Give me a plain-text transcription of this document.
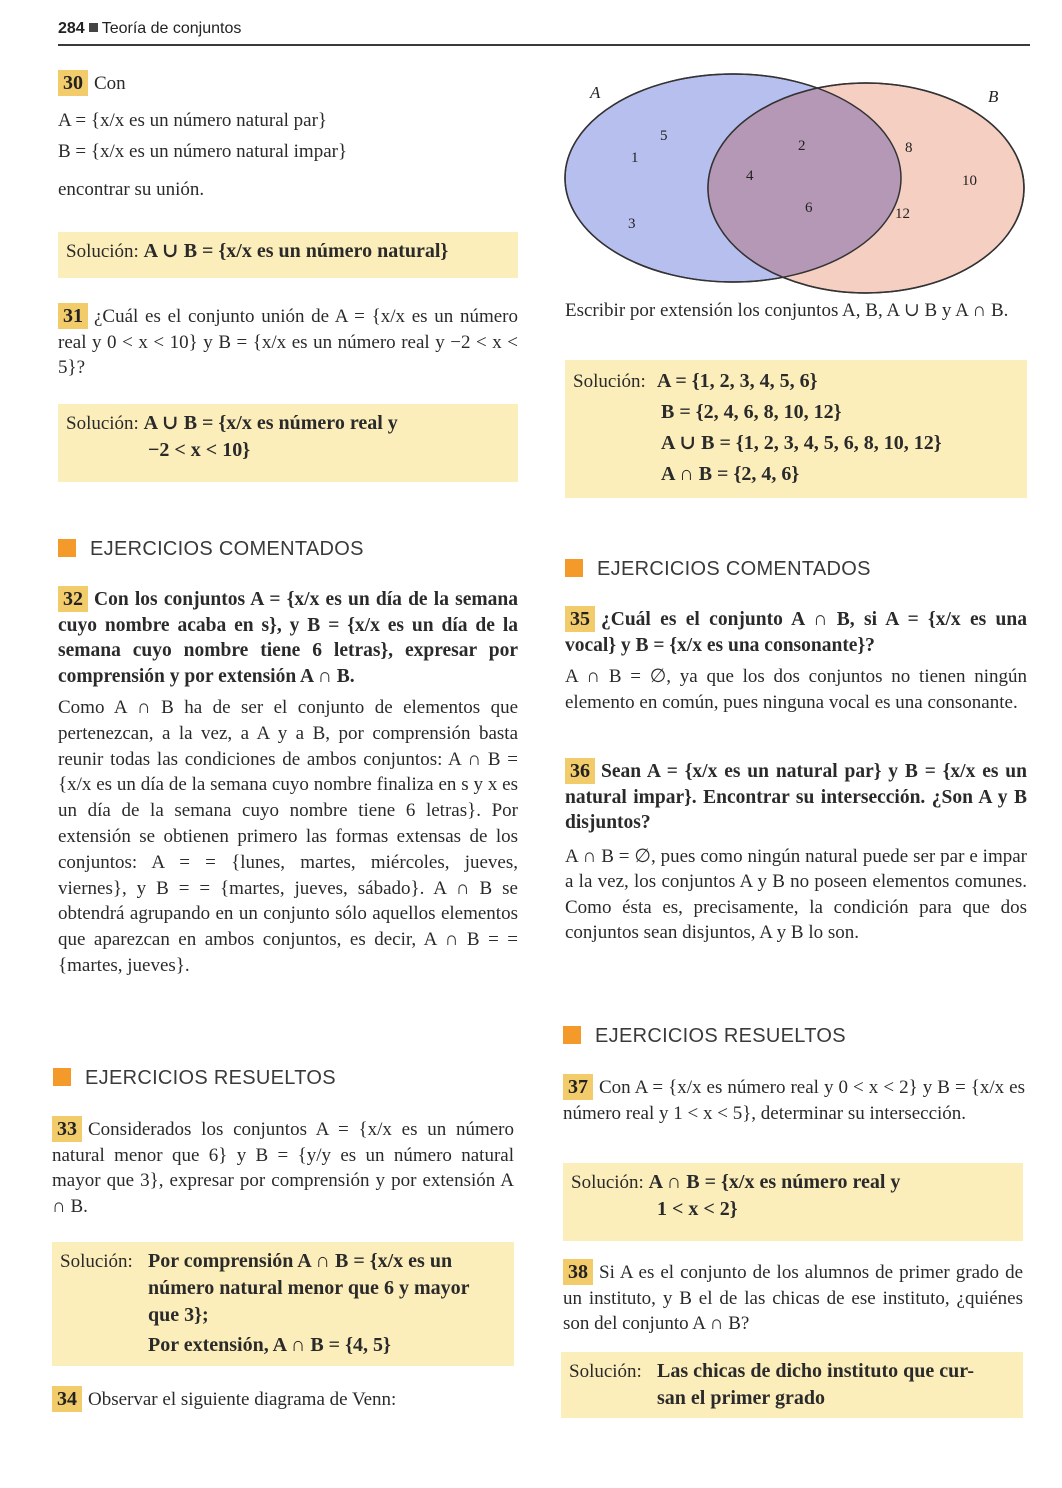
284 Teoría de conjuntos

30 Con

A = {x/x es un número natural par}

B = {x/x es un número natural impar}

encontrar su unión.

Solución: A ∪ B = {x/x es un número natural}

31 ¿Cuál es el conjunto unión de A = {x/x es un número real y 0 < x < 10} y B = {x/x es un número real y −2 < x < 5}?

Solución: A ∪ B = {x/x es número real y
−2 < x < 10}
EJERCICIOS COMENTADOS

32 Con los conjuntos A = {x/x es un día de la semana cuyo nombre acaba en s}, y B = {x/x es un día de la semana cuyo nombre tiene 6 letras}, expresar por comprensión y por extensión A ∩ B.

Como A ∩ B ha de ser el conjunto de elementos que pertenezcan, a la vez, a A y a B, por comprensión basta reunir todas las condiciones de ambos conjuntos: A ∩ B = {x/x es un día de la semana cuyo nombre finaliza en s y x es un día de la semana cuyo nombre tiene 6 letras}. Por extensión se obtienen primero las formas extensas de los conjuntos: A = = {lunes, martes, miércoles, jueves, viernes}, y B = = {martes, jueves, sábado}. A ∩ B se obtendrá agrupando en un conjunto sólo aquellos elementos que aparezcan en ambos conjuntos, es decir, A ∩ B = = {martes, jueves}.

EJERCICIOS RESUELTOS

33 Considerados los conjuntos A = {x/x es un número natural menor que 6} y B = {y/y es un número natural mayor que 3}, expresar por comprensión y por extensión A ∩ B.

Solución: Por comprensión A ∩ B = {x/x es un
número natural menor que 6 y mayor
que 3};
Por extensión, A ∩ B = {4, 5}

34 Observar el siguiente diagrama de Venn:

A	B
5
1
3
2
4
6
8
10
12

Escribir por extensión los conjuntos A, B, A ∪ B y A ∩ B.

Solución: A = {1, 2, 3, 4, 5, 6}
B = {2, 4, 6, 8, 10, 12}
A ∪ B = {1, 2, 3, 4, 5, 6, 8, 10, 12}
A ∩ B = {2, 4, 6}
EJERCICIOS COMENTADOS

35 ¿Cuál es el conjunto A ∩ B, si A = {x/x es una vocal} y B = {x/x es una consonante}?

A ∩ B = ∅, ya que los dos conjuntos no tienen ningún elemento en común, pues ninguna vocal es una consonante.

36 Sean A = {x/x es un natural par} y B = {x/x es un natural impar}. Encontrar su intersección. ¿Son A y B disjuntos?

A ∩ B = ∅, pues como ningún natural puede ser par e impar a la vez, los conjuntos A y B no poseen elementos comunes. Como ésta es, precisamente, la condición para que dos conjuntos sean disjuntos, A y B lo son.

EJERCICIOS RESUELTOS

37 Con A = {x/x es número real y 0 < x < 2} y B = {x/x es número real y 1 < x < 5}, determinar su intersección.

Solución: A ∩ B = {x/x es número real y
1 < x < 2}

38 Si A es el conjunto de los alumnos de primer grado de un instituto, y B el de las chicas de ese instituto, ¿quiénes son del conjunto A ∩ B?

Solución: Las chicas de dicho instituto que cur-
san el primer grado
